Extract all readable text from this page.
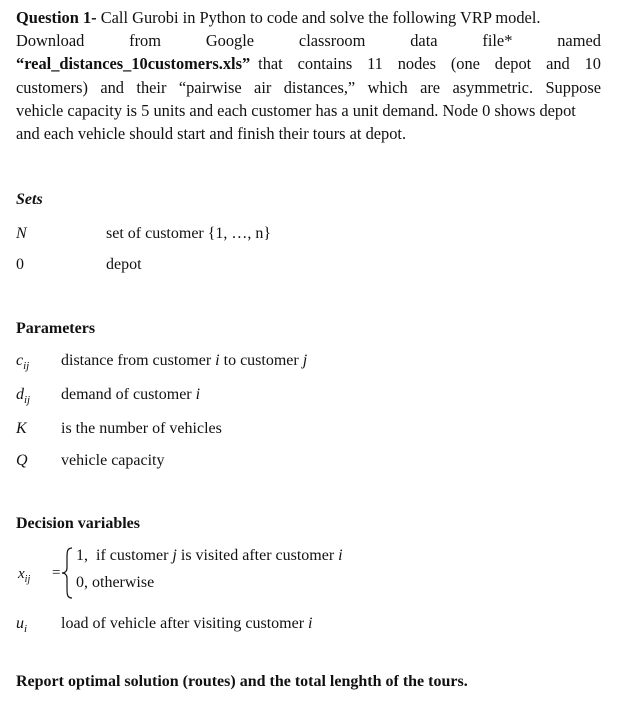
Question 1- Call Gurobi in Python to code and solve the following VRP model.
Download	from	Google	classroom	data	file*	named
“real_distances_10customers.xls” that contains 11 nodes (one depot and 10
customers) and their “pairwise air distances,” which are asymmetric. Suppose
vehicle capacity is 5 units and each customer has a unit demand. Node 0 shows depot
and each vehicle should start and finish their tours at depot.
Sets
N	set of customer {1, …, n}
0	depot
Parameters
$c_{ij}$ distance from customer i to customer j
$d_{ij}$ demand of customer i
K is the number of vehicles
Q vehicle capacity
Decision variables
$x_{ij}$ =
1, if customer j is visited after customer i
0, otherwise
$u_i$ load of vehicle after visiting customer i
Report optimal solution (routes) and the total lenghth of the tours.
